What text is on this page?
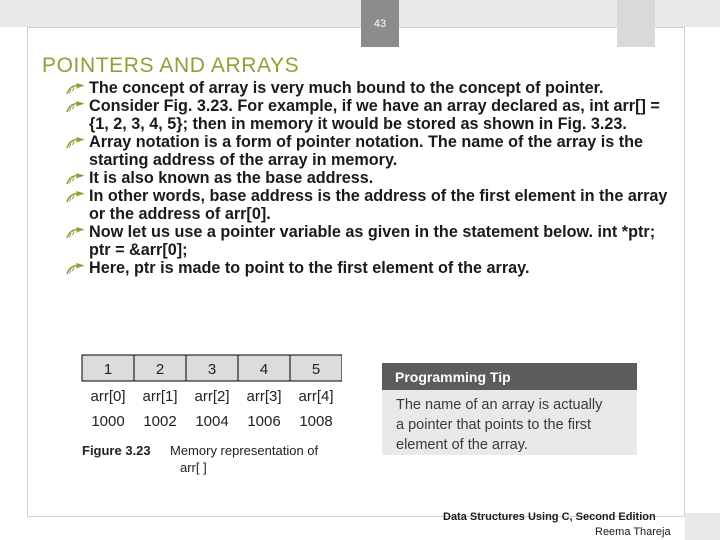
43
POINTERS AND ARRAYS
The concept of array is very much bound to the concept of pointer.
Consider Fig. 3.23. For example, if we have an array declared as, int arr[] = {1, 2, 3, 4, 5}; then in memory it would be stored as shown in Fig. 3.23.
Array notation is a form of pointer notation. The name of the array is the starting address of the array in memory.
It is also known as the base address.
In other words, base address is the address of the first element in the array or the address of arr[0].
Now let us use a pointer variable as given in the statement below. int *ptr; ptr = &arr[0];
Here, ptr is made to point to the first element of the array.
1	2	3	4	5
arr[0] arr[1] arr[2] arr[3] arr[4]
1000 1002 1004 1006 1008
Figure 3.23 Memory representation of
arr[ ]
Programming Tip
The name of an array is actually
a pointer that points to the first
element of the array.
Data Structures Using C, Second Edition
Reema Thareja
